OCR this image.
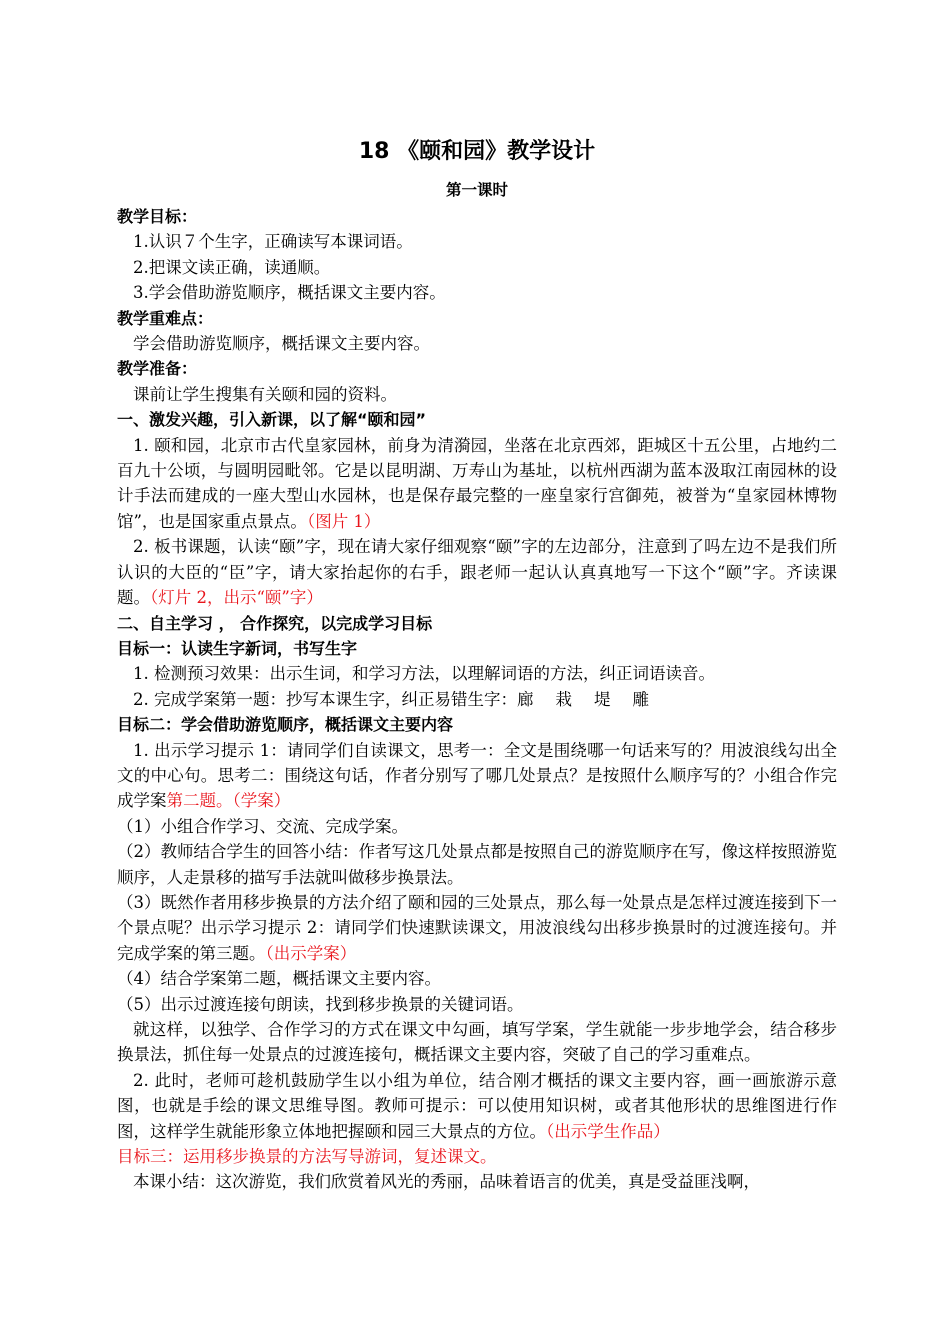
18 《颐和园》教学设计
第一课时
教学目标：
1.认识７个生字，正确读写本课词语。
2.把课文读正确，读通顺。
3.学会借助游览顺序，概括课文主要内容。
教学重难点：
学会借助游览顺序，概括课文主要内容。
教学准备：
课前让学生搜集有关颐和园的资料。
一、激发兴趣，引入新课，以了解“颐和园”
1. 颐和园，北京市古代皇家园林，前身为清漪园，坐落在北京西郊，距城区十五公里，占地约二百九十公顷，与圆明园毗邻。它是以昆明湖、万寿山为基址，以杭州西湖为蓝本汲取江南园林的设计手法而建成的一座大型山水园林，也是保存最完整的一座皇家行宫御苑，被誉为“皇家园林博物馆”，也是国家重点景点。（图片 1）
2. 板书课题，认读“颐”字，现在请大家仔细观察“颐”字的左边部分，注意到了吗左边不是我们所认识的大臣的“臣”字，请大家抬起你的右手，跟老师一起认认真真地写一下这个“颐”字。齐读课题。（灯片 2，出示“颐”字）
二、自主学习 ， 合作探究，以完成学习目标
目标一：认读生字新词，书写生字
1. 检测预习效果：出示生词，和学习方法，以理解词语的方法，纠正词语读音。
2. 完成学案第一题：抄写本课生字，纠正易错生字：廊 栽 堤 雕
目标二：学会借助游览顺序，概括课文主要内容
1. 出示学习提示 1：请同学们自读课文，思考一：全文是围绕哪一句话来写的？用波浪线勾出全文的中心句。思考二：围绕这句话，作者分别写了哪几处景点？是按照什么顺序写的？小组合作完成学案第二题。（学案）
（1）小组合作学习、交流、完成学案。
（2）教师结合学生的回答小结：作者写这几处景点都是按照自己的游览顺序在写，像这样按照游览顺序，人走景移的描写手法就叫做移步换景法。
（3）既然作者用移步换景的方法介绍了颐和园的三处景点，那么每一处景点是怎样过渡连接到下一个景点呢？出示学习提示 2：请同学们快速默读课文，用波浪线勾出移步换景时的过渡连接句。并完成学案的第三题。（出示学案）
（4）结合学案第二题，概括课文主要内容。
（5）出示过渡连接句朗读，找到移步换景的关键词语。
就这样，以独学、合作学习的方式在课文中勾画，填写学案，学生就能一步步地学会，结合移步换景法，抓住每一处景点的过渡连接句，概括课文主要内容，突破了自己的学习重难点。
2. 此时，老师可趁机鼓励学生以小组为单位，结合刚才概括的课文主要内容，画一画旅游示意图，也就是手绘的课文思维导图。教师可提示：可以使用知识树，或者其他形状的思维图进行作图，这样学生就能形象立体地把握颐和园三大景点的方位。（出示学生作品）
目标三：运用移步换景的方法写导游词，复述课文。
本课小结：这次游览，我们欣赏着风光的秀丽，品味着语言的优美，真是受益匪浅啊，
